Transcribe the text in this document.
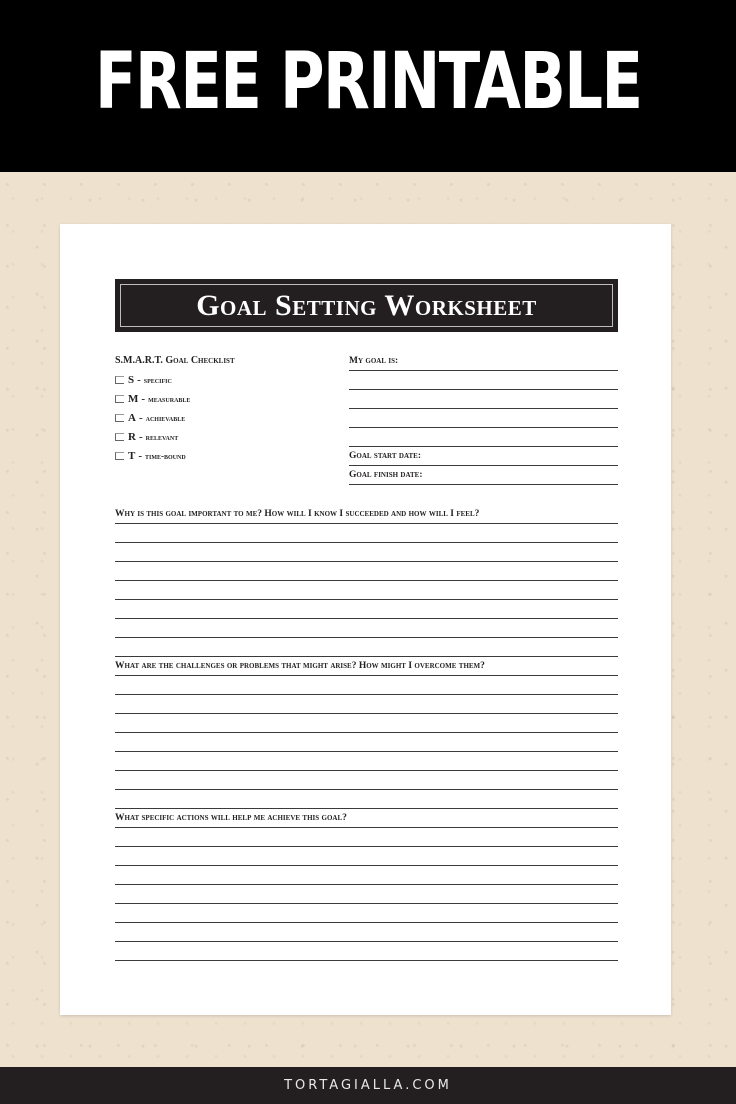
FREE PRINTABLE
Goal Setting Worksheet
S.M.A.R.T. Goal Checklist
S - specific
M - measurable
A - achievable
R - relevant
T - time-bound
My goal is:
Goal start date:
Goal finish date:
Why is this goal important to me? How will I know I succeeded and how will I feel?
What are the challenges or problems that might arise? How might I overcome them?
What specific actions will help me achieve this goal?
TORTAGIALLA.COM
